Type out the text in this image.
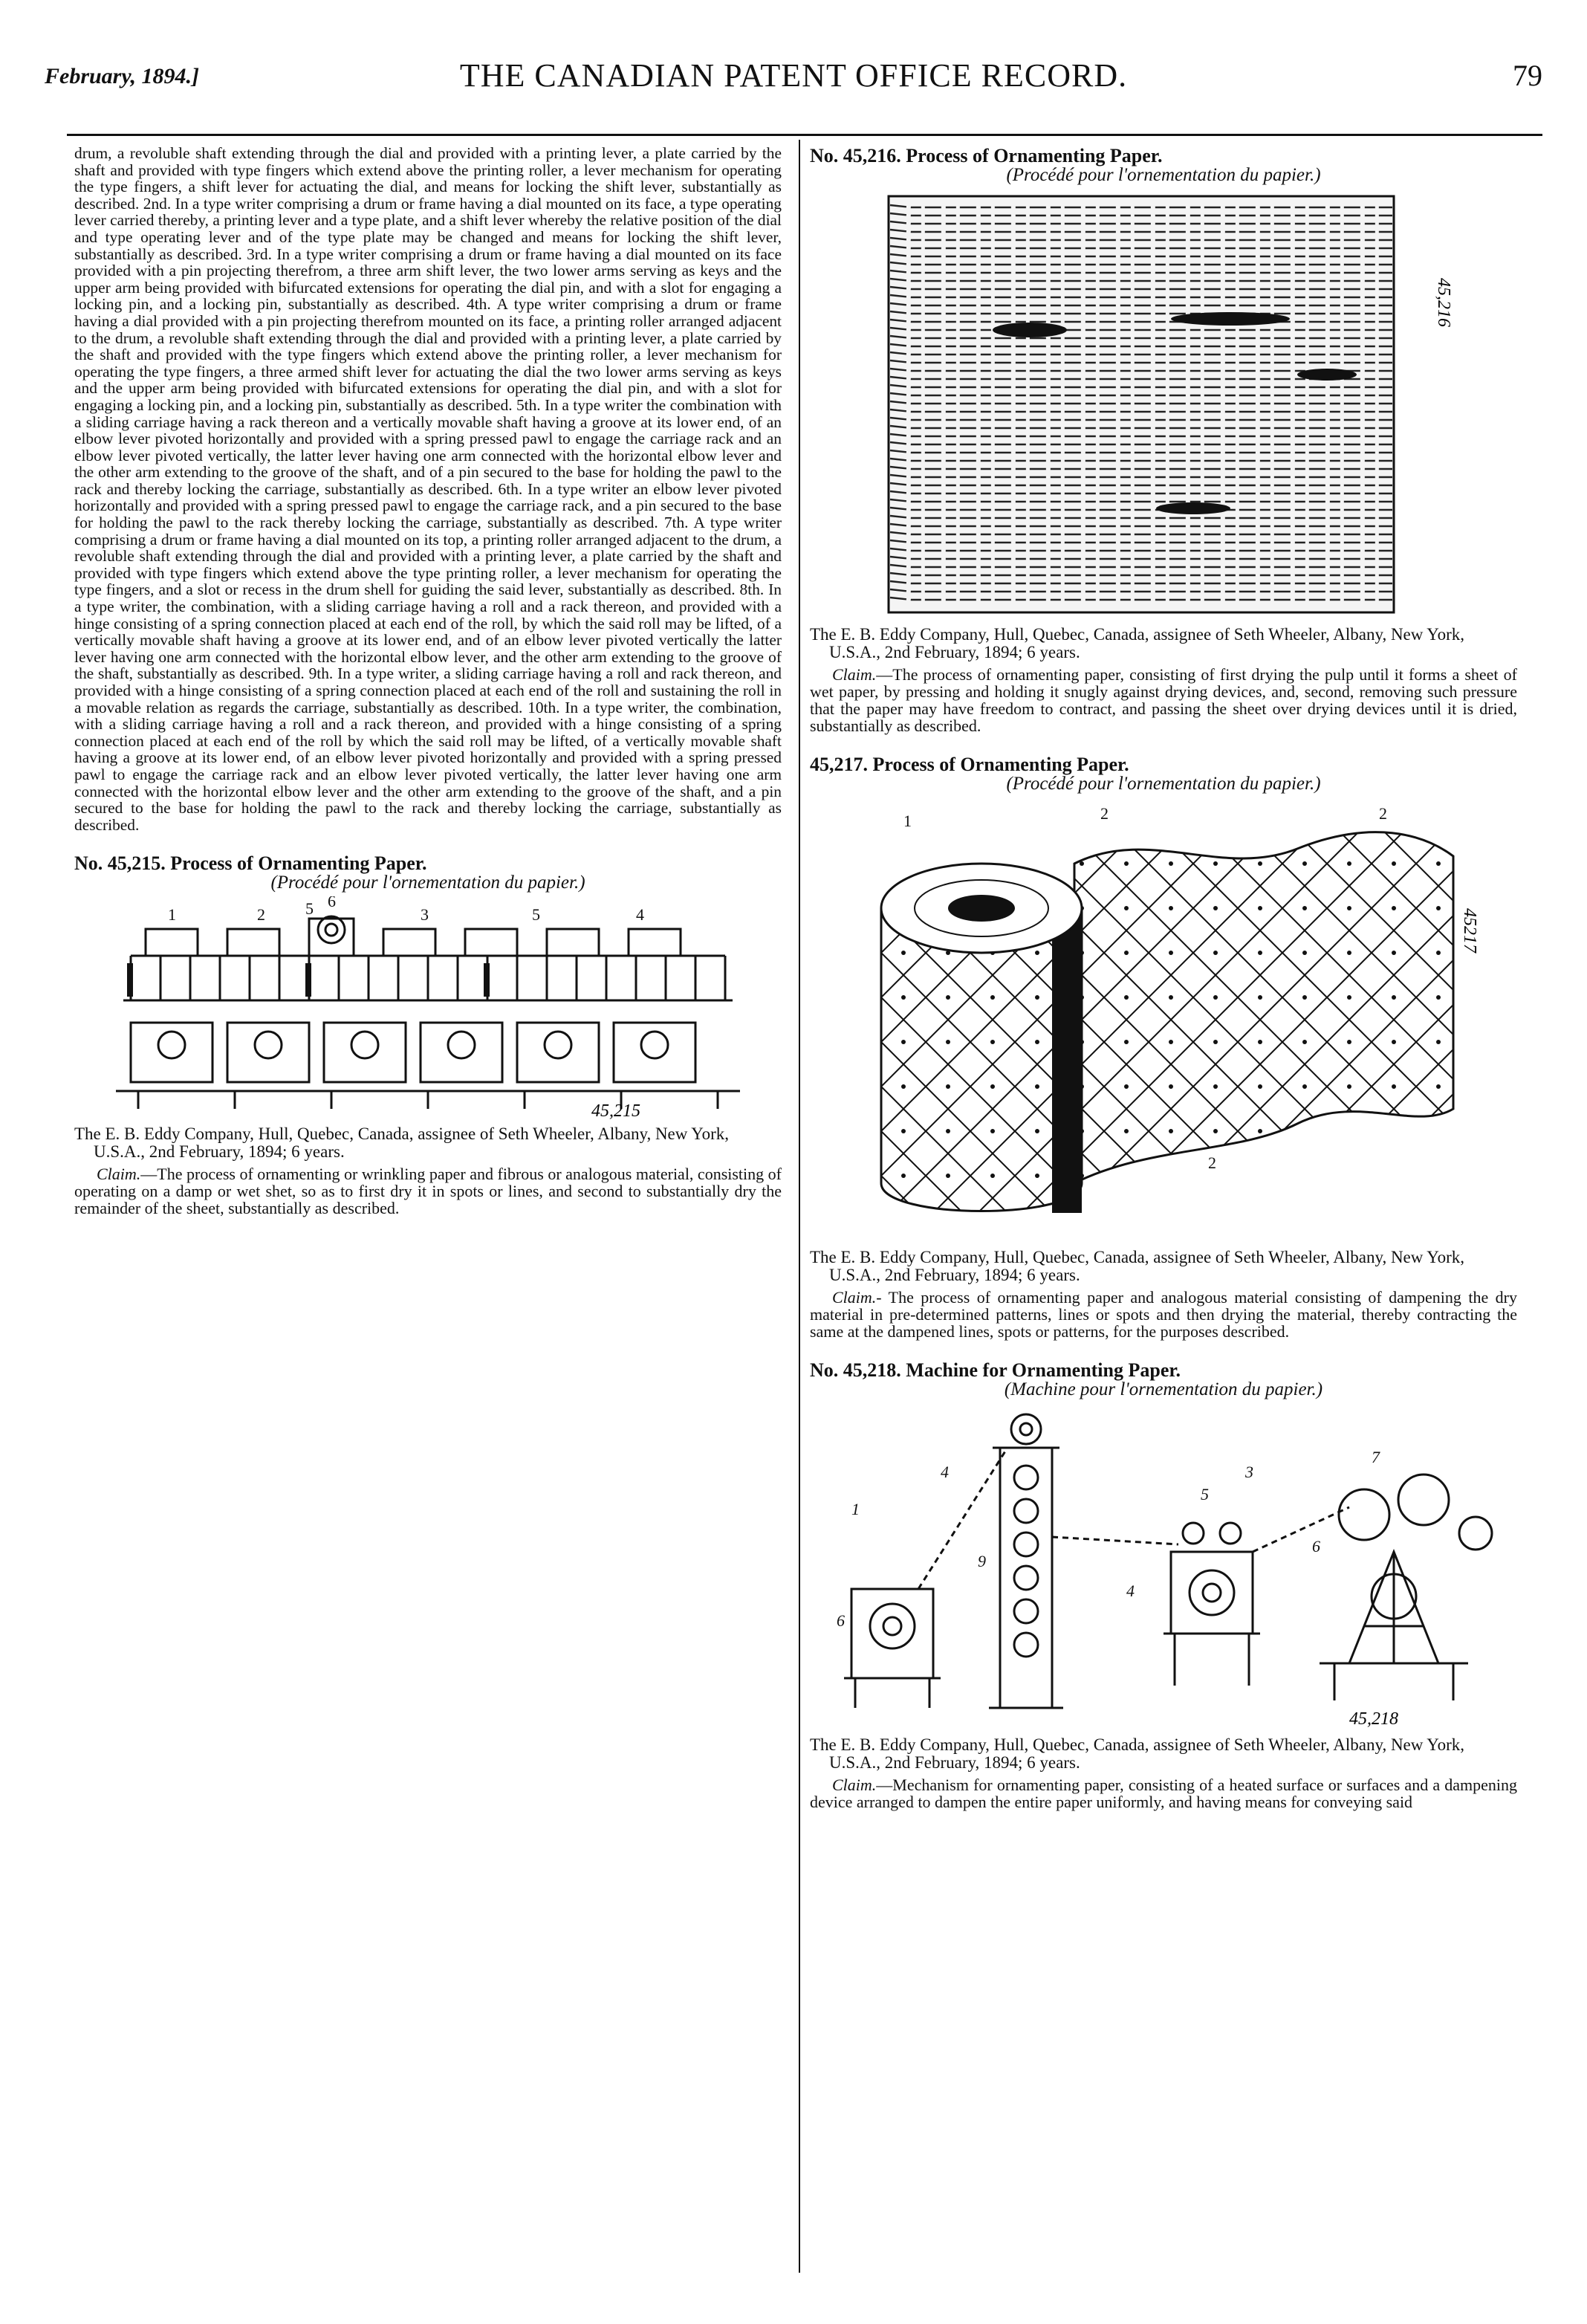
February, 1894.]	THE CANADIAN PATENT OFFICE RECORD.	79

drum, a revoluble shaft extending through the dial and provided with a printing lever, a plate carried by the shaft and provided with type fingers which extend above the printing roller, a lever mechanism for operating the type fingers, a shift lever for actuating the dial, and means for locking the shift lever, substantially as described. 2nd. In a type writer comprising a drum or frame having a dial mounted on its face, a type operating lever carried thereby, a printing lever and a type plate, and a shift lever whereby the relative position of the dial and type operating lever and of the type plate may be changed and means for locking the shift lever, substantially as described. 3rd. In a type writer comprising a drum or frame having a dial mounted on its face provided with a pin projecting therefrom, a three arm shift lever, the two lower arms serving as keys and the upper arm being provided with bifurcated extensions for operating the dial pin, and with a slot for engaging a locking pin, and a locking pin, substantially as described. 4th. A type writer comprising a drum or frame having a dial provided with a pin projecting therefrom mounted on its face, a printing roller arranged adjacent to the drum, a revoluble shaft extending through the dial and provided with a printing lever, a plate carried by the shaft and provided with the type fingers which extend above the printing roller, a lever mechanism for operating the type fingers, a three armed shift lever for actuating the dial the two lower arms serving as keys and the upper arm being provided with bifurcated extensions for operating the dial pin, and with a slot for engaging a locking pin, and a locking pin, substantially as described. 5th. In a type writer the combination with a sliding carriage having a rack thereon and a vertically movable shaft having a groove at its lower end, of an elbow lever pivoted horizontally and provided with a spring pressed pawl to engage the carriage rack and an elbow lever pivoted vertically, the latter lever having one arm connected with the horizontal elbow lever and the other arm extending to the groove of the shaft, and of a pin secured to the base for holding the pawl to the rack and thereby locking the carriage, substantially as described. 6th. In a type writer an elbow lever pivoted horizontally and provided with a spring pressed pawl to engage the carriage rack, and a pin secured to the base for holding the pawl to the rack thereby locking the carriage, substantially as described. 7th. A type writer comprising a drum or frame having a dial mounted on its top, a printing roller arranged adjacent to the drum, a revoluble shaft extending through the dial and provided with a printing lever, a plate carried by the shaft and provided with type fingers which extend above the type printing roller, a lever mechanism for operating the type fingers, and a slot or recess in the drum shell for guiding the said lever, substantially as described. 8th. In a type writer, the combination, with a sliding carriage having a roll and a rack thereon, and provided with a hinge consisting of a spring connection placed at each end of the roll, by which the said roll may be lifted, of a vertically movable shaft having a groove at its lower end, and of an elbow lever pivoted vertically the latter lever having one arm connected with the horizontal elbow lever, and the other arm extending to the groove of the shaft, substantially as described. 9th. In a type writer, a sliding carriage having a roll and rack thereon, and provided with a hinge consisting of a spring connection placed at each end of the roll and sustaining the roll in a movable relation as regards the carriage, substantially as described. 10th. In a type writer, the combination, with a sliding carriage having a roll and a rack thereon, and provided with a hinge consisting of a spring connection placed at each end of the roll by which the said roll may be lifted, of a vertically movable shaft having a groove at its lower end, of an elbow lever pivoted horizontally and provided with a spring pressed pawl to engage the carriage rack and an elbow lever pivoted vertically, the latter lever having one arm connected with the horizontal elbow lever and the other arm extending to the groove of the shaft, and a pin secured to the base for holding the pawl to the rack and thereby locking the carriage, substantially as described.

No. 45,215. Process of Ornamenting Paper.

(Procédé pour l'ornementation du papier.)

1	2 5 6
3	5	4
45,215

The E. B. Eddy Company, Hull, Quebec, Canada, assignee of Seth Wheeler, Albany, New York, U.S.A., 2nd February, 1894; 6 years.

Claim.—The process of ornamenting or wrinkling paper and fibrous or analogous material, consisting of operating on a damp or wet shet, so as to first dry it in spots or lines, and second to substantially dry the remainder of the sheet, substantially as described.

No. 45,216. Process of Ornamenting Paper.

(Procédé pour l'ornementation du papier.)

45,216

The E. B. Eddy Company, Hull, Quebec, Canada, assignee of Seth Wheeler, Albany, New York, U.S.A., 2nd February, 1894; 6 years.

Claim.—The process of ornamenting paper, consisting of first drying the pulp until it forms a sheet of wet paper, by pressing and holding it snugly against drying devices, and, second, removing such pressure that the paper may have freedom to contract, and passing the sheet over drying devices until it is dried, substantially as described.

45,217. Process of Ornamenting Paper.

(Procédé pour l'ornementation du papier.)

1	2	2
2
45217

The E. B. Eddy Company, Hull, Quebec, Canada, assignee of Seth Wheeler, Albany, New York, U.S.A., 2nd February, 1894; 6 years.

Claim.- The process of ornamenting paper and analogous material consisting of dampening the dry material in pre-determined patterns, lines or spots and then drying the material, thereby contracting the same at the dampened lines, spots or patterns, for the purposes described.

No. 45,218. Machine for Ornamenting Paper.

(Machine pour l'ornementation du papier.)

1
4
9
6
4
3
5
6
7
45,218

The E. B. Eddy Company, Hull, Quebec, Canada, assignee of Seth Wheeler, Albany, New York, U.S.A., 2nd February, 1894; 6 years.

Claim.—Mechanism for ornamenting paper, consisting of a heated surface or surfaces and a dampening device arranged to dampen the entire paper uniformly, and having means for conveying said
